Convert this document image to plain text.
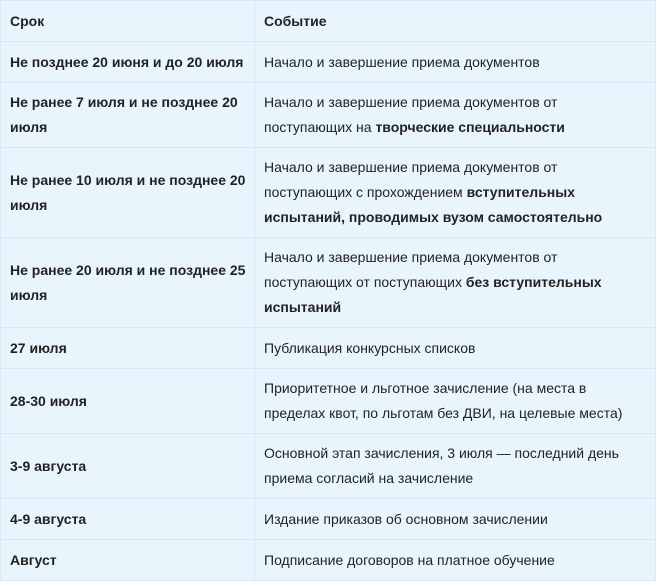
Срок	Событие
Не позднее 20 июня и до 20 июля	Начало и завершение приема документов
Не ранее 7 июля и не позднее 20 июля	Начало и завершение приема документов от поступающих на творческие специальности
Не ранее 10 июля и не позднее 20 июля	Начало и завершение приема документов от поступающих с прохождением вступительных испытаний, проводимых вузом самостоятельно
Не ранее 20 июля и не позднее 25 июля	Начало и завершение приема документов от поступающих от поступающих без вступительных испытаний
27 июля	Публикация конкурсных списков
28-30 июля	Приоритетное и льготное зачисление (на места в пределах квот, по льготам без ДВИ, на целевые места)
3-9 августа	Основной этап зачисления, 3 июля — последний день приема согласий на зачисление
4-9 августа	Издание приказов об основном зачислении
Август	Подписание договоров на платное обучение
